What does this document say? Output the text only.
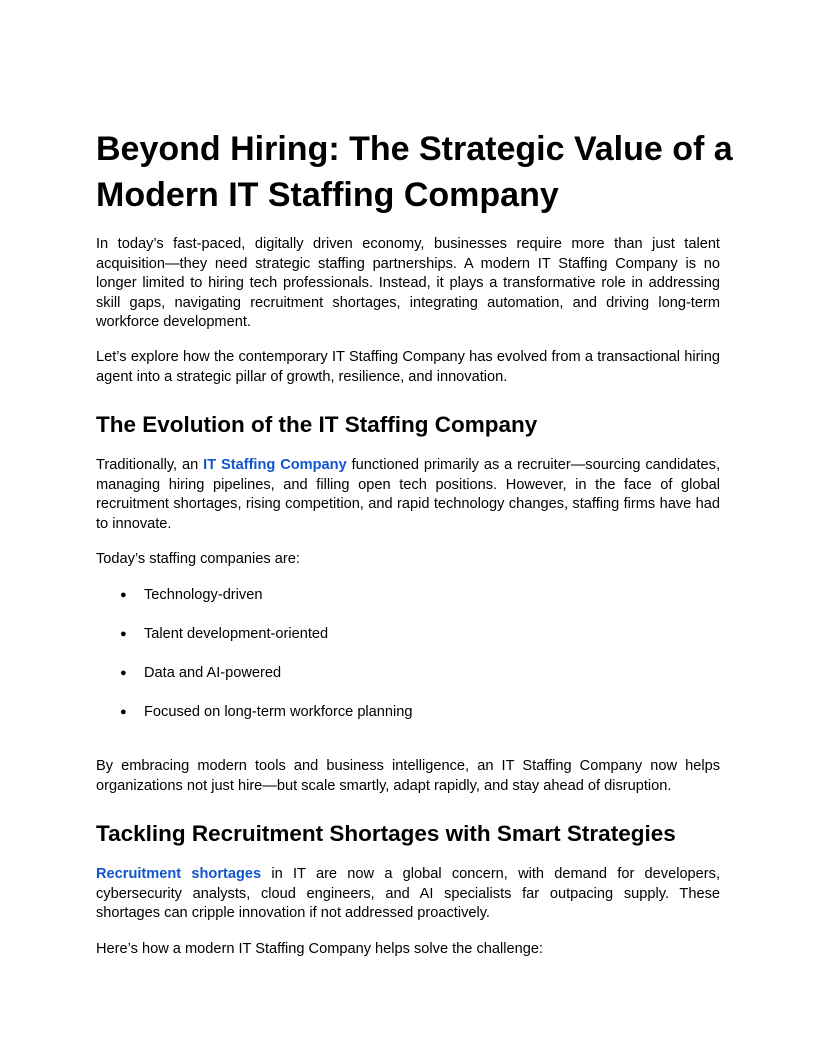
Beyond Hiring: The Strategic Value of a Modern IT Staffing Company

In today’s fast-paced, digitally driven economy, businesses require more than just talent acquisition—they need strategic staffing partnerships. A modern IT Staffing Company is no longer limited to hiring tech professionals. Instead, it plays a transformative role in addressing skill gaps, navigating recruitment shortages, integrating automation, and driving long-term workforce development.

Let’s explore how the contemporary IT Staffing Company has evolved from a transactional hiring agent into a strategic pillar of growth, resilience, and innovation.

The Evolution of the IT Staffing Company

Traditionally, an IT Staffing Company functioned primarily as a recruiter—sourcing candidates, managing hiring pipelines, and filling open tech positions. However, in the face of global recruitment shortages, rising competition, and rapid technology changes, staffing firms have had to innovate.

Today’s staffing companies are:

● Technology-driven
● Talent development-oriented
● Data and AI-powered
● Focused on long-term workforce planning

By embracing modern tools and business intelligence, an IT Staffing Company now helps organizations not just hire—but scale smartly, adapt rapidly, and stay ahead of disruption.

Tackling Recruitment Shortages with Smart Strategies

Recruitment shortages in IT are now a global concern, with demand for developers, cybersecurity analysts, cloud engineers, and AI specialists far outpacing supply. These shortages can cripple innovation if not addressed proactively.

Here’s how a modern IT Staffing Company helps solve the challenge:
